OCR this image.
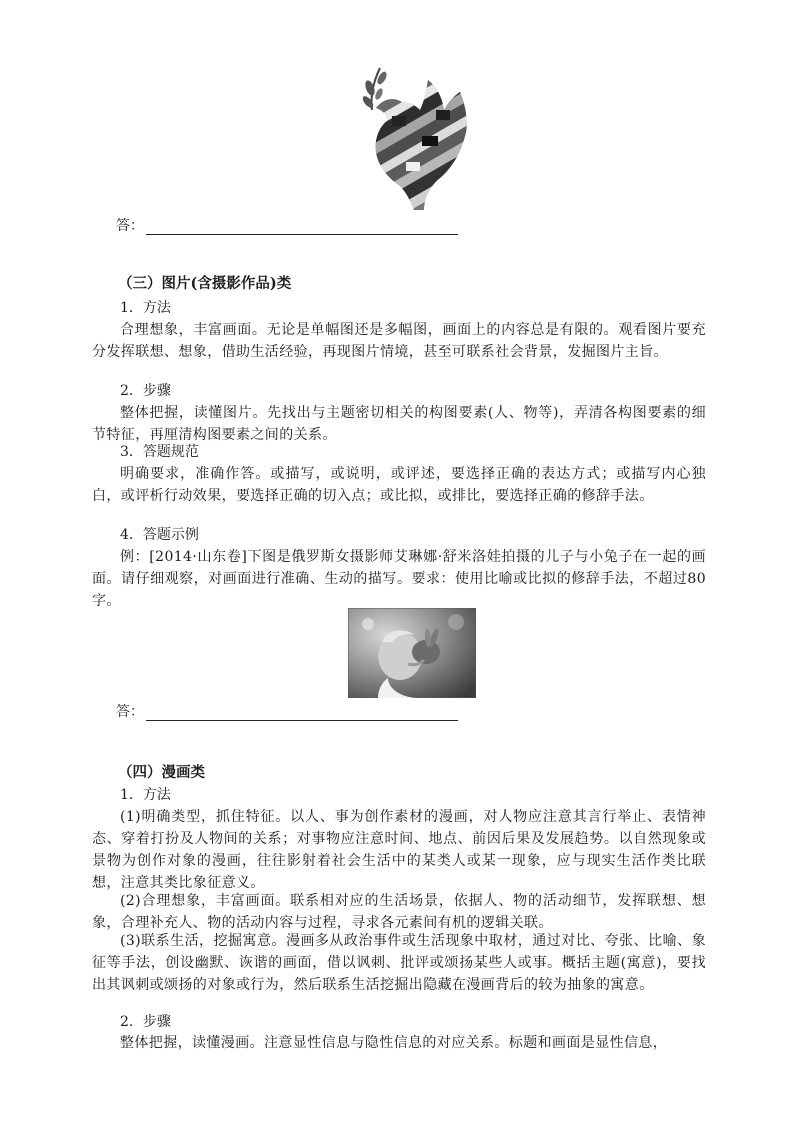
答：
（三）图片(含摄影作品)类
1．方法
合理想象，丰富画面。无论是单幅图还是多幅图，画面上的内容总是有限的。观看图片要充分发挥联想、想象，借助生活经验，再现图片情境，甚至可联系社会背景，发掘图片主旨。
2．步骤
整体把握，读懂图片。先找出与主题密切相关的构图要素(人、物等)，弄清各构图要素的细节特征，再厘清构图要素之间的关系。
3．答题规范
明确要求，准确作答。或描写，或说明，或评述，要选择正确的表达方式；或描写内心独白，或评析行动效果，要选择正确的切入点；或比拟，或排比，要选择正确的修辞手法。
4．答题示例
例：[2014·山东卷]下图是俄罗斯女摄影师艾琳娜·舒米洛娃拍摄的儿子与小兔子在一起的画面。请仔细观察，对画面进行准确、生动的描写。要求：使用比喻或比拟的修辞手法，不超过80字。
答：
（四）漫画类
1．方法
(1)明确类型，抓住特征。以人、事为创作素材的漫画，对人物应注意其言行举止、表情神态、穿着打扮及人物间的关系；对事物应注意时间、地点、前因后果及发展趋势。以自然现象或景物为创作对象的漫画，往往影射着社会生活中的某类人或某一现象，应与现实生活作类比联想，注意其类比象征意义。
(2)合理想象，丰富画面。联系相对应的生活场景，依据人、物的活动细节，发挥联想、想象，合理补充人、物的活动内容与过程，寻求各元素间有机的逻辑关联。
(3)联系生活，挖掘寓意。漫画多从政治事件或生活现象中取材，通过对比、夸张、比喻、象征等手法，创设幽默、诙谐的画面，借以讽刺、批评或颂扬某些人或事。概括主题(寓意)，要找出其讽刺或颂扬的对象或行为，然后联系生活挖掘出隐藏在漫画背后的较为抽象的寓意。
2．步骤
整体把握，读懂漫画。注意显性信息与隐性信息的对应关系。标题和画面是显性信息，
